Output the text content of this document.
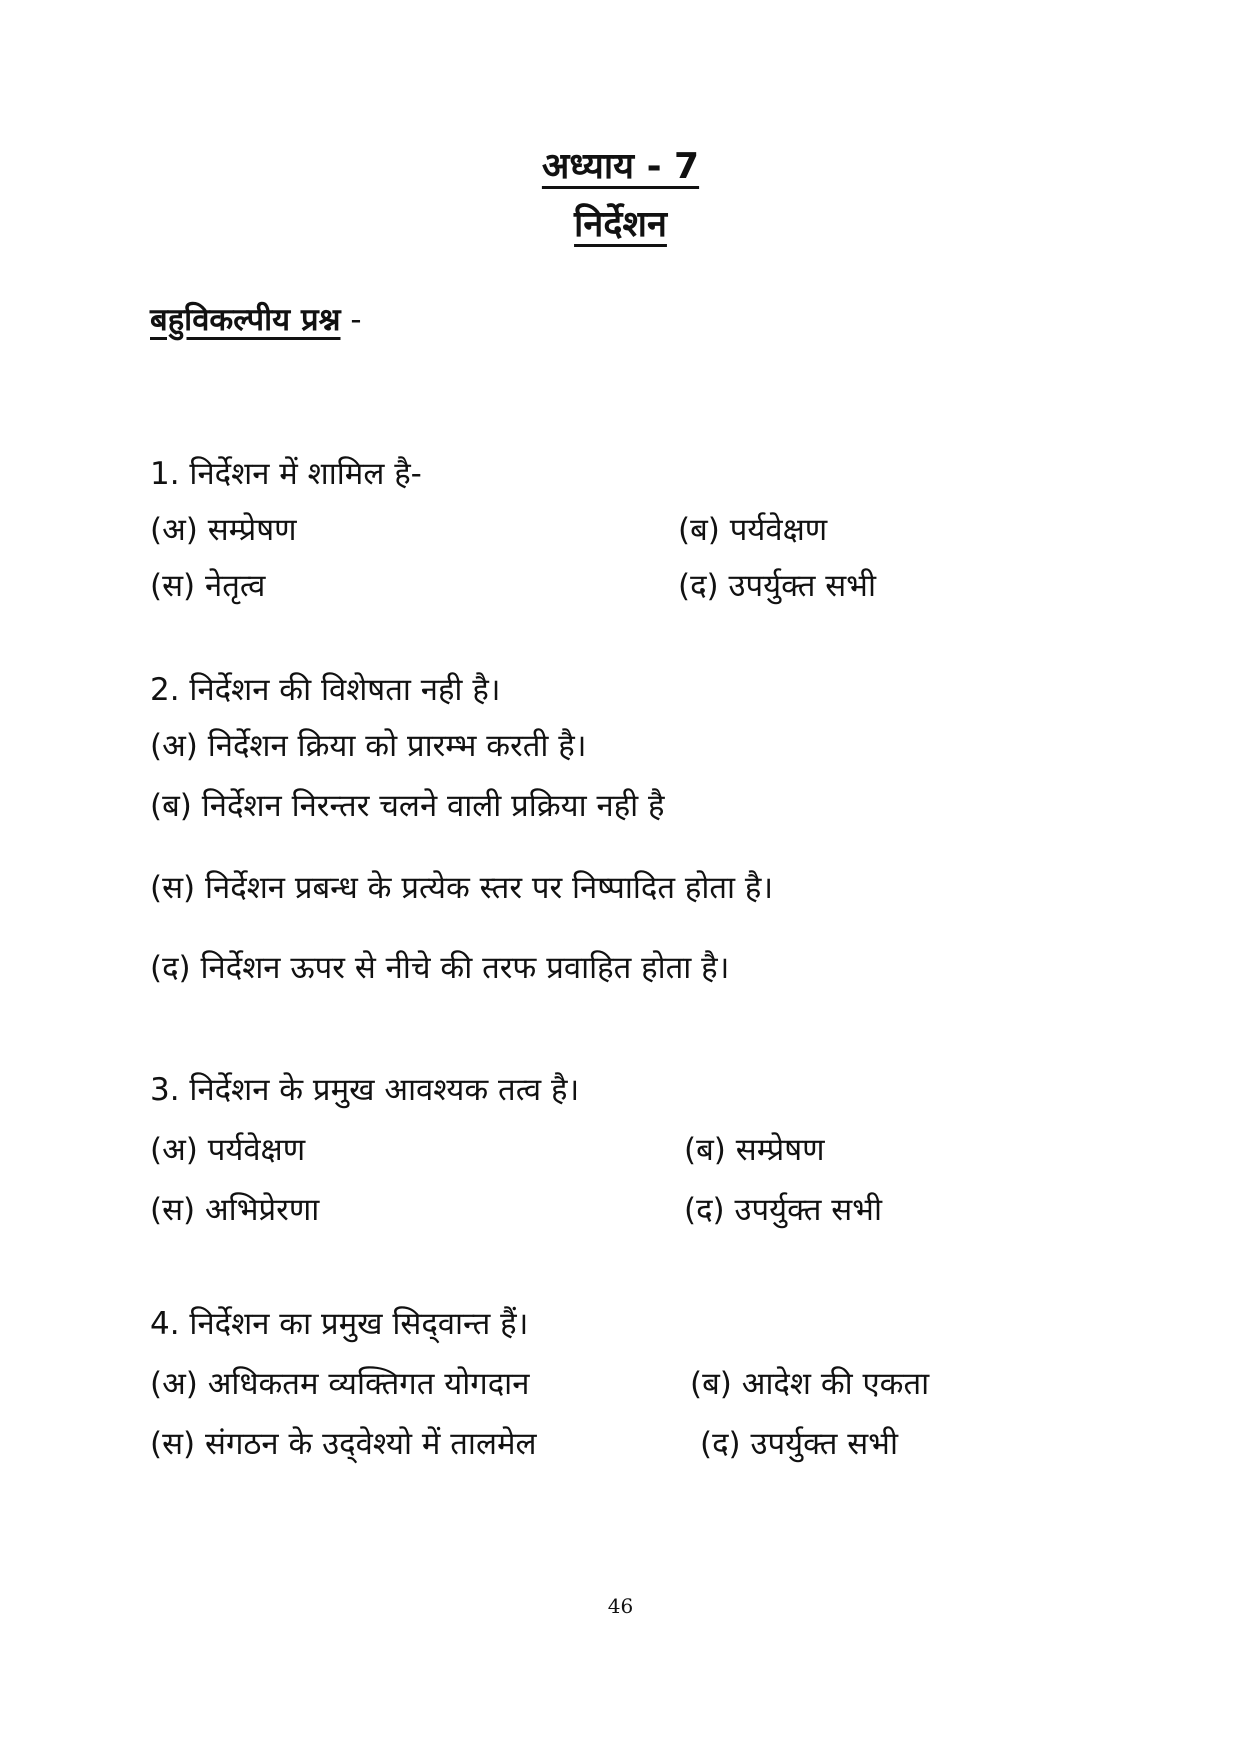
अध्याय - 7
निर्देशन
बहुविकल्पीय प्रश्न -
1. निर्देशन में शामिल है-
(अ) सम्प्रेषण	(ब) पर्यवेक्षण
(स) नेतृत्व	(द) उपर्युक्त सभी
2. निर्देशन की विशेषता नही है।
(अ) निर्देशन क्रिया को प्रारम्भ करती है।
(ब) निर्देशन निरन्तर चलने वाली प्रक्रिया नही है
(स) निर्देशन प्रबन्ध के प्रत्येक स्तर पर निष्पादित होता है।
(द) निर्देशन ऊपर से नीचे की तरफ प्रवाहित होता है।
3. निर्देशन के प्रमुख आवश्यक तत्व है।
(अ) पर्यवेक्षण	(ब) सम्प्रेषण
(स) अभिप्रेरणा	(द) उपर्युक्त सभी
4. निर्देशन का प्रमुख सिद्‌वान्त हैं।
(अ) अधिकतम व्यक्तिगत योगदान	(ब) आदेश की एकता
(स) संगठन के उद्‌वेश्यो में तालमेल	(द) उपर्युक्त सभी
46
